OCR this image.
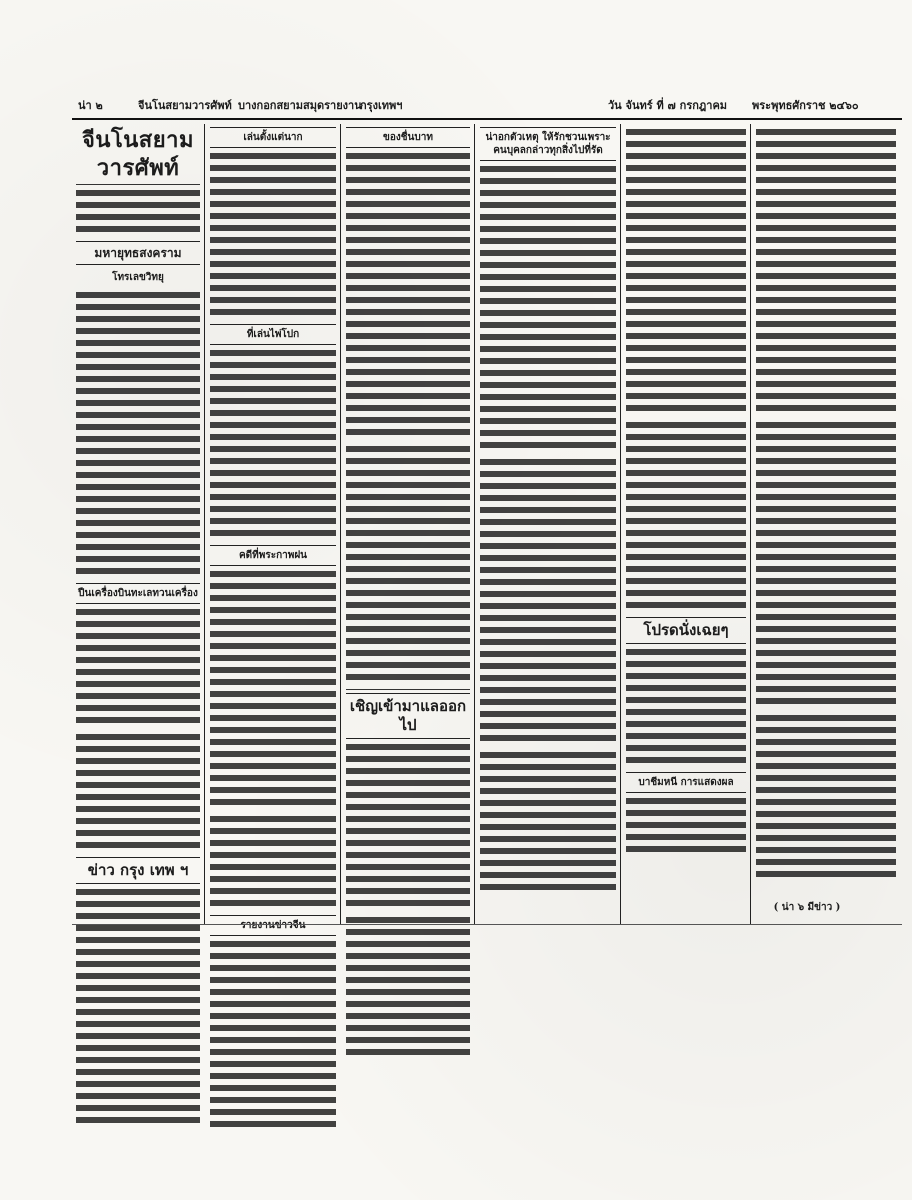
น่า ๒	จีนโนสยามวารศัพท์ บางกอกสยามสมุดรายงาน
กรุงเทพฯ	วัน จันทร์ ที่ ๗ กรกฎาคม พระพุทธศักราช ๒๔๖๐
จีนโนสยามวารศัพท์
มหายุทธสงคราม
โทรเลขวิทยุ
ปืนเครื่องบินทะเลทวนเครื่อง
ข่าว กรุง เทพ ฯ
เล่นตั้งแต่นาก
ที่เล่นไพ่โปก
คดีที่พระกาพฝน
รายงานข่าวจีน
ของชื่นบาท
เชิญเข้ามาแลออกไป
น่าอกตัวเหตุ ให้รักชวนเพราะคนบุคลกล่าวทุกสิ่งไปที่รัด
โปรดนั่งเฉยๆ
บาชีมหนี การแสดงผล
( น่า ๖ มีข่าว )
